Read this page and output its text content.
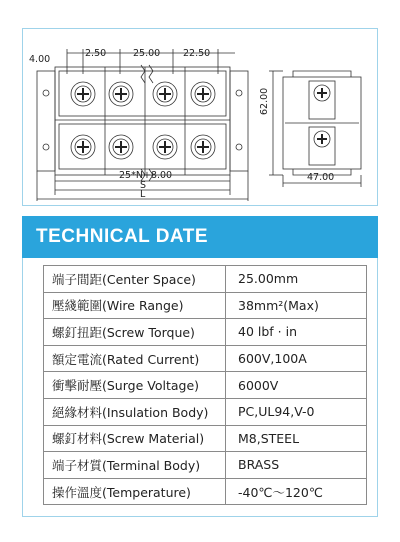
4.00
2.50	25.00 22.50
25*N+8.00
S
L
62.00
47.00
TECHNICAL DATE
端子間距(Center Space)	25.00mm
壓綫範圍(Wire Range)	38mm²(Max)
螺釘扭距(Screw Torque)	40 lbf · in
額定電流(Rated Current)	600V,100A
衝擊耐壓(Surge Voltage)	6000V
絕緣材料(Insulation Body)	PC,UL94,V-0
螺釘材料(Screw Material)	M8,STEEL
端子材質(Terminal Body)	BRASS
操作溫度(Temperature)	-40℃～120℃
